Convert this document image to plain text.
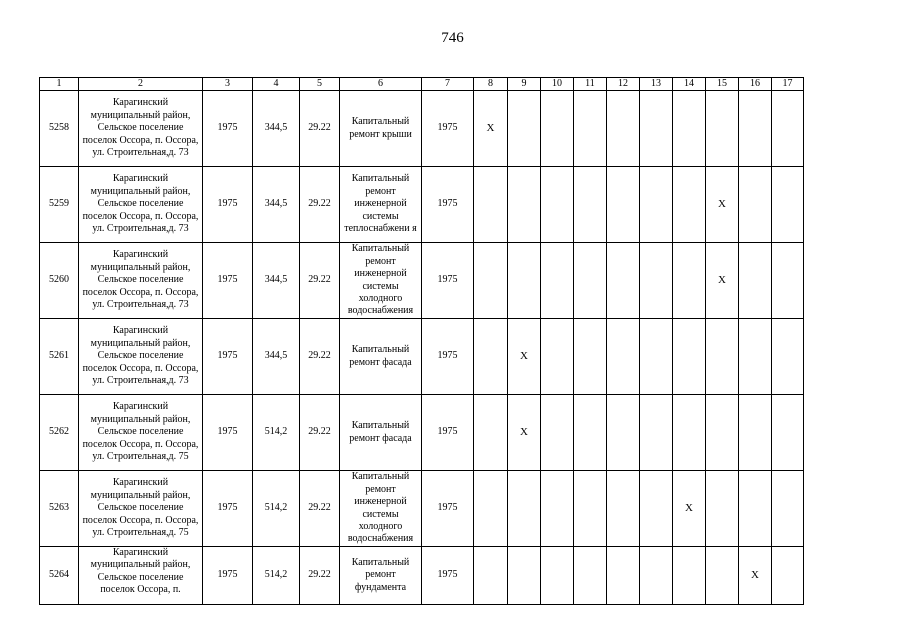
746
1	2	3	4	5	6	7	8	9	10	11	12	13	14	15	16	17
5258	Карагинский муниципальный район, Сельское поселение поселок Оссора, п. Оссора, ул. Строительная,д. 73	1975	344,5	29.22	Капитальный ремонт крыши	1975	X									
5259	Карагинский муниципальный район, Сельское поселение поселок Оссора, п. Оссора, ул. Строительная,д. 73	1975	344,5	29.22	Капитальный ремонт инженерной системы теплоснабжени я	1975								X		
5260	Карагинский муниципальный район, Сельское поселение поселок Оссора, п. Оссора, ул. Строительная,д. 73	1975	344,5	29.22	Капитальный ремонт инженерной системы холодного водоснабжения	1975								X		
5261	Карагинский муниципальный район, Сельское поселение поселок Оссора, п. Оссора, ул. Строительная,д. 73	1975	344,5	29.22	Капитальный ремонт фасада	1975		X								
5262	Карагинский муниципальный район, Сельское поселение поселок Оссора, п. Оссора, ул. Строительная,д. 75	1975	514,2	29.22	Капитальный ремонт фасада	1975		X								
5263	Карагинский муниципальный район, Сельское поселение поселок Оссора, п. Оссора, ул. Строительная,д. 75	1975	514,2	29.22	Капитальный ремонт инженерной системы холодного водоснабжения	1975							X			
5264	Карагинский муниципальный район, Сельское поселение поселок Оссора, п.	1975	514,2	29.22	Капитальный ремонт фундамента	1975									X	
